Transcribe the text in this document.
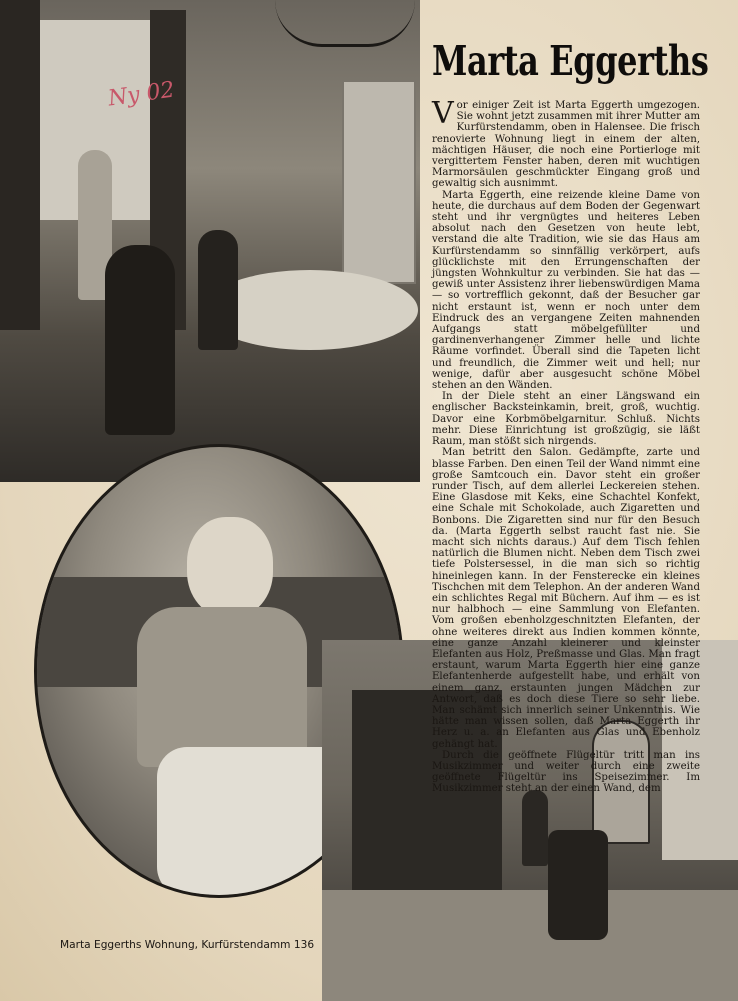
Ny 02
Marta Eggerths

Vor einiger Zeit ist Marta Eggerth umgezogen. Sie wohnt jetzt zusammen mit ihrer Mutter am Kurfürstendamm, oben in Halensee. Die frisch renovierte Wohnung liegt in einem der alten, mächtigen Häuser, die noch eine Portierloge mit vergittertem Fenster haben, deren mit wuchtigen Marmorsäulen geschmückter Eingang groß und gewaltig sich ausnimmt.

Marta Eggerth, eine reizende kleine Dame von heute, die durchaus auf dem Boden der Gegenwart steht und ihr vergnügtes und heiteres Leben absolut nach den Gesetzen von heute lebt, verstand die alte Tradition, wie sie das Haus am Kurfürstendamm so sinnfällig verkörpert, aufs glücklichste mit den Errungenschaften der jüngsten Wohnkultur zu verbinden. Sie hat das — gewiß unter Assistenz ihrer liebenswürdigen Mama — so vortrefflich gekonnt, daß der Besucher gar nicht erstaunt ist, wenn er noch unter dem Eindruck des an vergangene Zeiten mahnenden Aufgangs statt möbelgefüllter und gardinenverhangener Zimmer helle und lichte Räume vorfindet. Überall sind die Tapeten licht und freundlich, die Zimmer weit und hell; nur wenige, dafür aber ausgesucht schöne Möbel stehen an den Wänden.

In der Diele steht an einer Längswand ein englischer Backsteinkamin, breit, groß, wuchtig. Davor eine Korbmöbelgarnitur. Schluß. Nichts mehr. Diese Einrichtung ist großzügig, sie läßt Raum, man stößt sich nirgends.

Man betritt den Salon. Gedämpfte, zarte und blasse Farben. Den einen Teil der Wand nimmt eine große Samtcouch ein. Davor steht ein großer runder Tisch, auf dem allerlei Leckereien stehen. Eine Glasdose mit Keks, eine Schachtel Konfekt, eine Schale mit Schokolade, auch Zigaretten und Bonbons. Die Zigaretten sind nur für den Besuch da. (Marta Eggerth selbst raucht fast nie. Sie macht sich nichts daraus.) Auf dem Tisch fehlen natürlich die Blumen nicht. Neben dem Tisch zwei tiefe Polstersessel, in die man sich so richtig hineinlegen kann. In der Fensterecke ein kleines Tischchen mit dem Telephon. An der anderen Wand ein schlichtes Regal mit Büchern. Auf ihm — es ist nur halbhoch — eine Sammlung von Elefanten. Vom großen ebenholzgeschnitzten Elefanten, der ohne weiteres direkt aus Indien kommen könnte, eine ganze Anzahl kleinerer und kleinster Elefanten aus Holz, Preßmasse und Glas. Man fragt erstaunt, warum Marta Eggerth hier eine ganze Elefantenherde aufgestellt habe, und erhält von einem ganz erstaunten jungen Mädchen zur Antwort, daß es doch diese Tiere so sehr liebe. Man schämt sich innerlich seiner Unkenntnis. Wie hätte man wissen sollen, daß Marta Eggerth ihr Herz u. a. an Elefanten aus Glas und Ebenholz gehängt hat.

Durch die geöffnete Flügeltür tritt man ins Musikzimmer und weiter durch eine zweite geöffnete Flügeltür ins Speisezimmer. Im Musikzimmer steht an der einen Wand, dem

Marta Eggerths Wohnung, Kurfürstendamm 136
